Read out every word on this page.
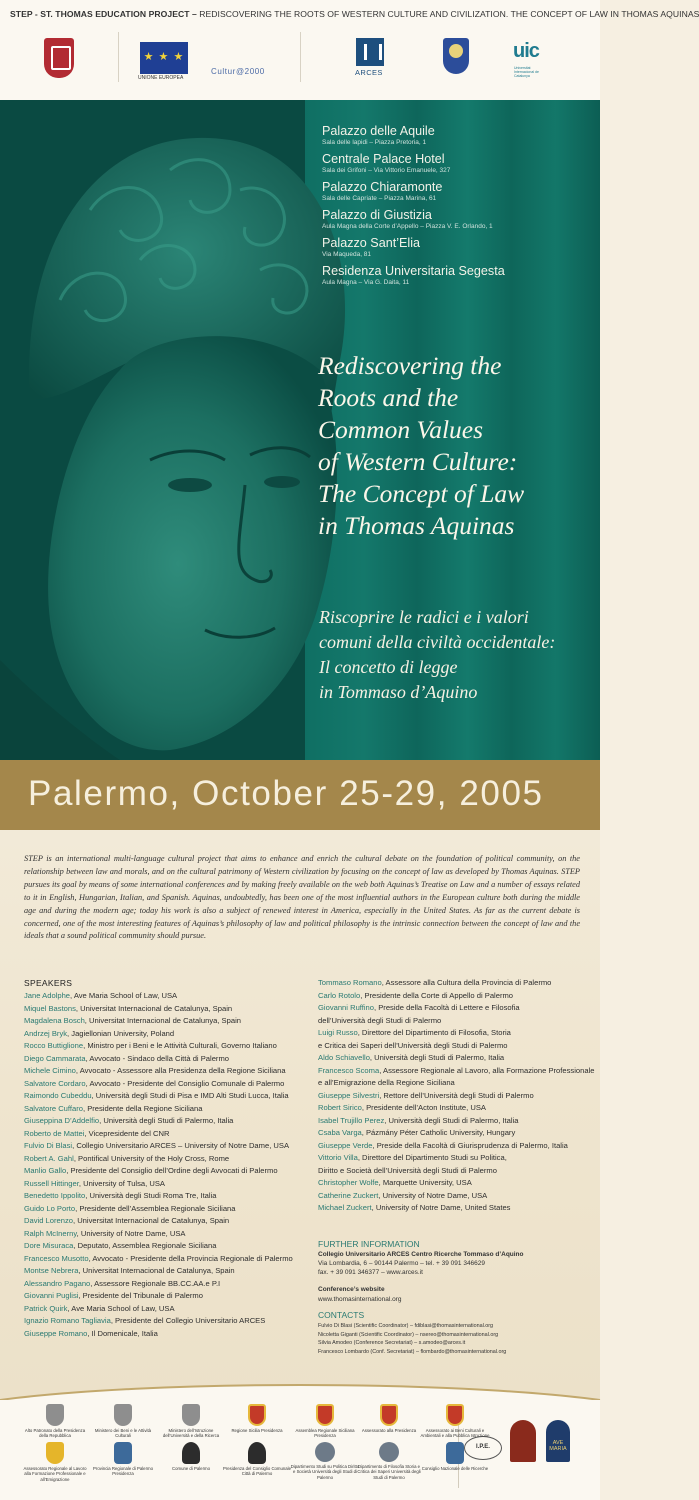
STEP - ST. THOMAS EDUCATION PROJECT – REDISCOVERING THE ROOTS OF WESTERN CULTURE AND CIVILIZATION. THE CONCEPT OF LAW IN THOMAS AQUINAS
★ ★ ★
UNIONE EUROPEA
Cultur@2000	ARCES
uic
Universitat Internacional de Catalunya
Palazzo delle Aquile
Sala delle lapidi – Piazza Pretoria, 1
Centrale Palace Hotel
Sala dei Grifoni – Via Vittorio Emanuele, 327
Palazzo Chiaramonte
Sala delle Capriate – Piazza Marina, 61
Palazzo di Giustizia
Aula Magna della Corte d’Appello – Piazza V. E. Orlando, 1
Palazzo Sant’Elia
Via Maqueda, 81
Residenza Universitaria Segesta
Aula Magna – Via G. Daita, 11
Rediscovering the
Roots and the
Common Values
of Western Culture:
The Concept of Law
in Thomas Aquinas
Riscoprire le radici e i valori
comuni della civiltà occidentale:
Il concetto di legge
in Tommaso d’Aquino
Palermo, October 25-29, 2005
STEP is an international multi-language cultural project that aims to enhance and enrich the cultural debate on the foundation of political community, on the relationship between law and morals, and on the cultural patrimony of Western civilization by focusing on the concept of law as developed by Thomas Aquinas. STEP pursues its goal by means of some international conferences and by making freely available on the web both Aquinas’s Treatise on Law and a number of essays related to it in English, Hungarian, Italian, and Spanish. Aquinas, undoubtedly, has been one of the most influential authors in the European culture both during the middle age and during the modern age; today his work is also a subject of renewed interest in America, especially in the United States. As far as the current debate is concerned, one of the most interesting features of Aquinas’s philosophy of law and political philosophy is the intrinsic connection between the concept of law and the ideals that a sound political community should pursue.
SPEAKERS
Jane Adolphe, Ave Maria School of Law, USA
Miquel Bastons, Universitat Internacional de Catalunya, Spain
Magdalena Bosch, Universitat Internacional de Catalunya, Spain
Andrzej Bryk, Jagiellonian University, Poland
Rocco Buttiglione, Ministro per i Beni e le Attività Culturali, Governo Italiano
Diego Cammarata, Avvocato - Sindaco della Città di Palermo
Michele Cimino, Avvocato - Assessore alla Presidenza della Regione Siciliana
Salvatore Cordaro, Avvocato - Presidente del Consiglio Comunale di Palermo
Raimondo Cubeddu, Università degli Studi di Pisa e IMD Alti Studi Lucca, Italia
Salvatore Cuffaro, Presidente della Regione Siciliana
Giuseppina D’Addelfio, Università degli Studi di Palermo, Italia
Roberto de Mattei, Vicepresidente del CNR
Fulvio Di Blasi, Collegio Universitario ARCES – University of Notre Dame, USA
Robert A. Gahl, Pontifical University of the Holy Cross, Rome
Manlio Gallo, Presidente del Consiglio dell’Ordine degli Avvocati di Palermo
Russell Hittinger, University of Tulsa, USA
Benedetto Ippolito, Università degli Studi Roma Tre, Italia
Guido Lo Porto, Presidente dell’Assemblea Regionale Siciliana
David Lorenzo, Universitat Internacional de Catalunya, Spain
Ralph McInerny, University of Notre Dame, USA
Dore Misuraca, Deputato, Assemblea Regionale Siciliana
Francesco Musotto, Avvocato - Presidente della Provincia Regionale di Palermo
Montse Nebrera, Universitat Internacional de Catalunya, Spain
Alessandro Pagano, Assessore Regionale BB.CC.AA.e P.I
Giovanni Puglisi, Presidente del Tribunale di Palermo
Patrick Quirk, Ave Maria School of Law, USA
Ignazio Romano Tagliavia, Presidente del Collegio Universitario ARCES
Giuseppe Romano, Il Domenicale, Italia
Tommaso Romano, Assessore alla Cultura della Provincia di Palermo
Carlo Rotolo, Presidente della Corte di Appello di Palermo
Giovanni Ruffino, Preside della Facoltà di Lettere e Filosofia
dell’Università degli Studi di Palermo
Luigi Russo, Direttore del Dipartimento di Filosofia, Storia
e Critica dei Saperi dell’Università degli Studi di Palermo
Aldo Schiavello, Università degli Studi di Palermo, Italia
Francesco Scoma, Assessore Regionale al Lavoro, alla Formazione Professionale
e all’Emigrazione della Regione Siciliana
Giuseppe Silvestri, Rettore dell’Università degli Studi di Palermo
Robert Sirico, Presidente dell’Acton Institute, USA
Isabel Trujillo Perez, Università degli Studi di Palermo, Italia
Csaba Varga, Pázmány Péter Catholic University, Hungary
Giuseppe Verde, Preside della Facoltà di Giurisprudenza di Palermo, Italia
Vittorio Villa, Direttore del Dipartimento Studi su Politica,
Diritto e Società dell’Università degli Studi di Palermo
Christopher Wolfe, Marquette University, USA
Catherine Zuckert, University of Notre Dame, USA
Michael Zuckert, University of Notre Dame, United States
FURTHER INFORMATION
Collegio Universitario ARCES Centro Ricerche Tommaso d’Aquino
Via Lombardia, 6 – 90144 Palermo – tel. + 39 091 346629
fax. + 39 091 346377 – www.arces.it
Conference’s website
www.thomasinternational.org
CONTACTS
Fulvio Di Blasi (Scientific Coordinator) – fdiblasi@thomasinternational.org
Nicoletta Giganti (Scientific Coordinator) – nsereo@thomasinternational.org
Silvia Amodeo (Conference Secretariat) – s.amodeo@arces.it
Francesco Lombardo (Conf. Secretariat) – flombardo@thomasinternational.org
I.P.E.
AVE MARIA
Alto Patronato della Presidenza della Repubblica
Ministero dei Beni e le Attività Culturali
Ministero dell’Istruzione dell’Università e della Ricerca
Regione Sicilia Presidenza	Assemblea Regionale Siciliana Presidenza
Assessorato alla Presidenza	Assessorato ai Beni Culturali e Ambientali e alla Pubblica Istruzione
Assessorato Regionale al Lavoro alla Formazione Professionale e all’Emigrazione
Provincia Regionale di Palermo Presidenza
Comune di Palermo	Presidenza del Consiglio Comunale Città di Palermo
Dipartimento Studi su Politica Diritto e Società Università degli Studi di Palermo
Dipartimento di Filosofia Storia e Critica dei Saperi Università degli Studi di Palermo
Consiglio Nazionale delle Ricerche
